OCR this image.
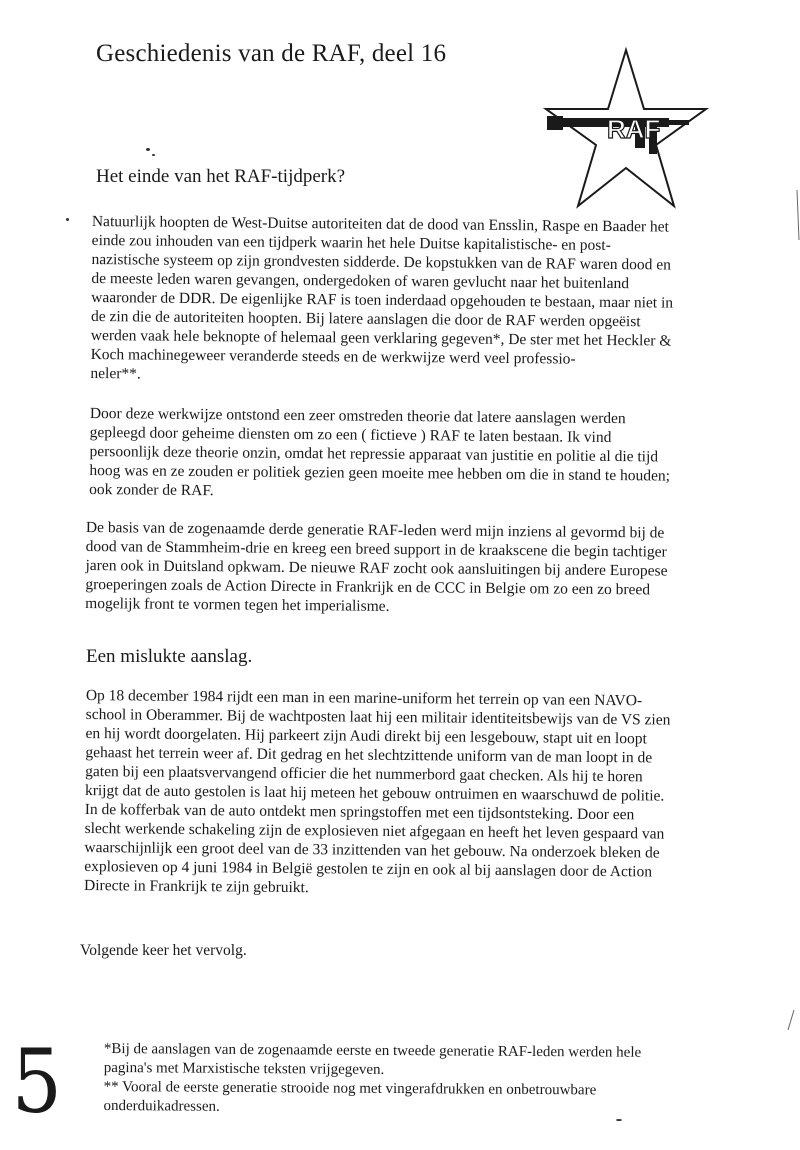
Geschiedenis van de RAF, deel 16
RAF
Het einde van het RAF-tijdperk?

Natuurlijk hoopten de West-Duitse autoriteiten dat de dood van Ensslin, Raspe en Baader het
einde zou inhouden van een tijdperk waarin het hele Duitse kapitalistische- en post-
nazistische systeem op zijn grondvesten sidderde. De kopstukken van de RAF waren dood en
de meeste leden waren gevangen, ondergedoken of waren gevlucht naar het buitenland
waaronder de DDR. De eigenlijke RAF is toen inderdaad opgehouden te bestaan, maar niet in
de zin die de autoriteiten hoopten. Bij latere aanslagen die door de RAF werden opgeëist
werden vaak hele beknopte of helemaal geen verklaring gegeven*, De ster met het Heckler &
Koch machinegeweer veranderde steeds en de werkwijze werd veel professio-
neler**.

Door deze werkwijze ontstond een zeer omstreden theorie dat latere aanslagen werden
gepleegd door geheime diensten om zo een ( fictieve ) RAF te laten bestaan. Ik vind
persoonlijk deze theorie onzin, omdat het repressie apparaat van justitie en politie al die tijd
hoog was en ze zouden er politiek gezien geen moeite mee hebben om die in stand te houden;
ook zonder de RAF.

De basis van de zogenaamde derde generatie RAF-leden werd mijn inziens al gevormd bij de
dood van de Stammheim-drie en kreeg een breed support in de kraakscene die begin tachtiger
jaren ook in Duitsland opkwam. De nieuwe RAF zocht ook aansluitingen bij andere Europese
groeperingen zoals de Action Directe in Frankrijk en de CCC in Belgie om zo een zo breed
mogelijk front te vormen tegen het imperialisme.

Een mislukte aanslag.

Op 18 december 1984 rijdt een man in een marine-uniform het terrein op van een NAVO-
school in Oberammer. Bij de wachtposten laat hij een militair identiteitsbewijs van de VS zien
en hij wordt doorgelaten. Hij parkeert zijn Audi direkt bij een lesgebouw, stapt uit en loopt
gehaast het terrein weer af. Dit gedrag en het slechtzittende uniform van de man loopt in de
gaten bij een plaatsvervangend officier die het nummerbord gaat checken. Als hij te horen
krijgt dat de auto gestolen is laat hij meteen het gebouw ontruimen en waarschuwd de politie.
In de kofferbak van de auto ontdekt men springstoffen met een tijdsontsteking. Door een
slecht werkende schakeling zijn de explosieven niet afgegaan en heeft het leven gespaard van
waarschijnlijk een groot deel van de 33 inzittenden van het gebouw. Na onderzoek bleken de
explosieven op 4 juni 1984 in België gestolen te zijn en ook al bij aanslagen door de Action
Directe in Frankrijk te zijn gebruikt.

Volgende keer het vervolg.

*Bij de aanslagen van de zogenaamde eerste en tweede generatie RAF-leden werden hele
pagina's met Marxistische teksten vrijgegeven.
** Vooral de eerste generatie strooide nog met vingerafdrukken en onbetrouwbare
onderduikadressen.

5
